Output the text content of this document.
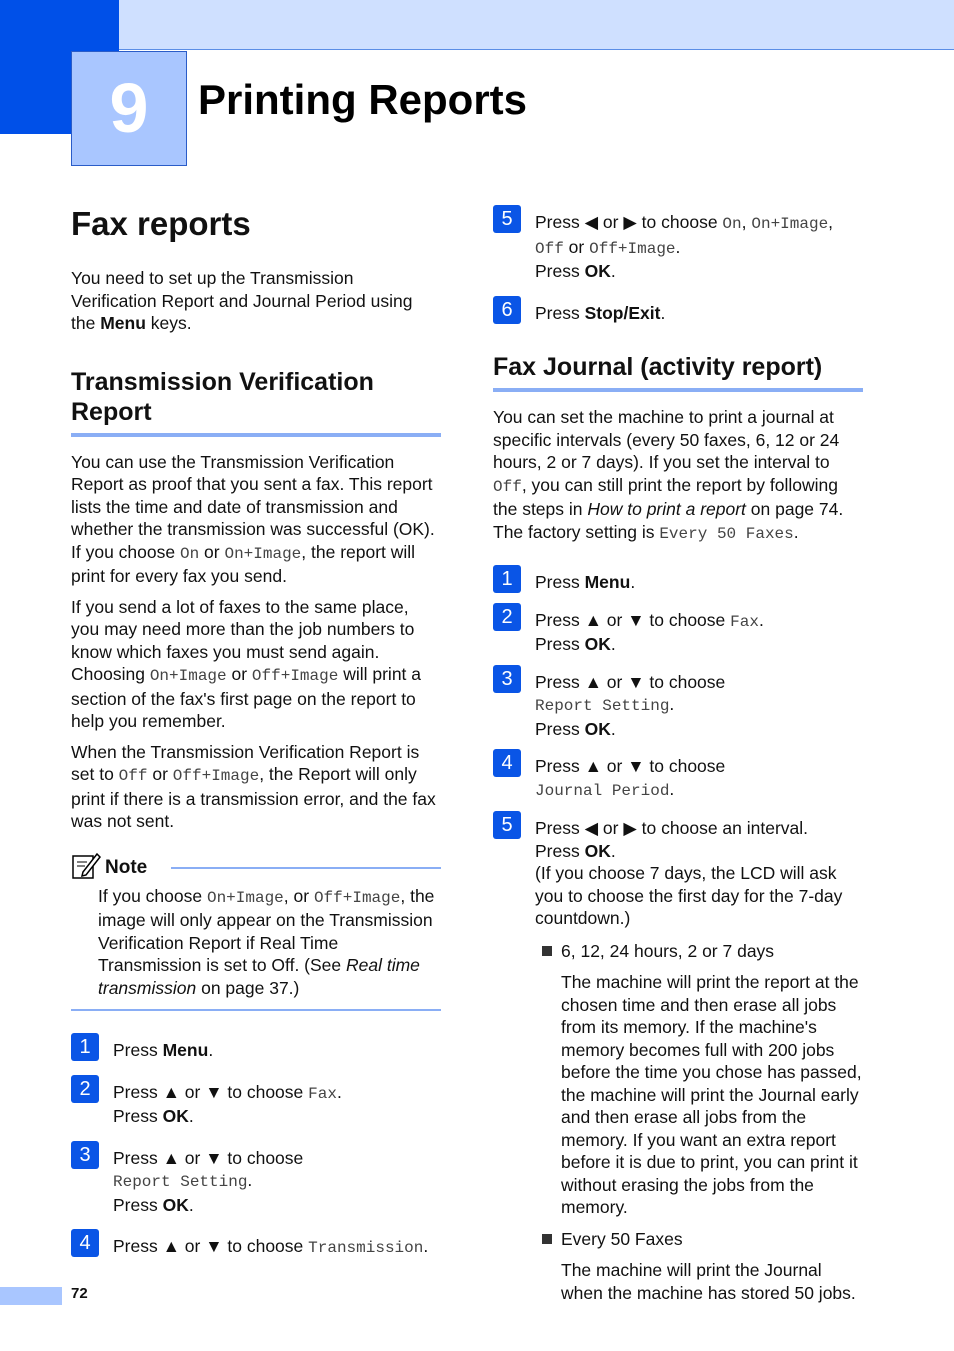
9	Printing Reports
Fax reports

You need to set up the Transmission Verification Report and Journal Period using the Menu keys.

Transmission Verification Report

You can use the Transmission Verification Report as proof that you sent a fax. This report lists the time and date of transmission and whether the transmission was successful (OK). If you choose On or On+Image, the report will print for every fax you send.

If you send a lot of faxes to the same place, you may need more than the job numbers to know which faxes you must send again. Choosing On+Image or Off+Image will print a section of the fax's first page on the report to help you remember.

When the Transmission Verification Report is set to Off or Off+Image, the Report will only print if there is a transmission error, and the fax was not sent.

Note
If you choose On+Image, or Off+Image, the image will only appear on the Transmission Verification Report if Real Time Transmission is set to Off. (See Real time transmission on page 37.)
1	Press Menu.
2	Press ▲ or ▼ to choose Fax.
Press OK.
3	Press ▲ or ▼ to choose
Report Setting.
Press OK.
4	Press ▲ or ▼ to choose Transmission.
5	Press ◀ or ▶ to choose On, On+Image,
Off or Off+Image.
Press OK.
6	Press Stop/Exit.
Fax Journal (activity report)

You can set the machine to print a journal at specific intervals (every 50 faxes, 6, 12 or 24 hours, 2 or 7 days). If you set the interval to Off, you can still print the report by following the steps in How to print a report on page 74. The factory setting is Every 50 Faxes.

1	Press Menu.
2	Press ▲ or ▼ to choose Fax.
Press OK.
3	Press ▲ or ▼ to choose
Report Setting.
Press OK.
4	Press ▲ or ▼ to choose
Journal Period.
5	Press ◀ or ▶ to choose an interval.
Press OK.
(If you choose 7 days, the LCD will ask you to choose the first day for the 7-day countdown.)
6, 12, 24 hours, 2 or 7 days

The machine will print the report at the chosen time and then erase all jobs from its memory. If the machine's memory becomes full with 200 jobs before the time you chose has passed, the machine will print the Journal early and then erase all jobs from the memory. If you want an extra report before it is due to print, you can print it without erasing the jobs from the memory.

Every 50 Faxes

The machine will print the Journal when the machine has stored 50 jobs.

72
